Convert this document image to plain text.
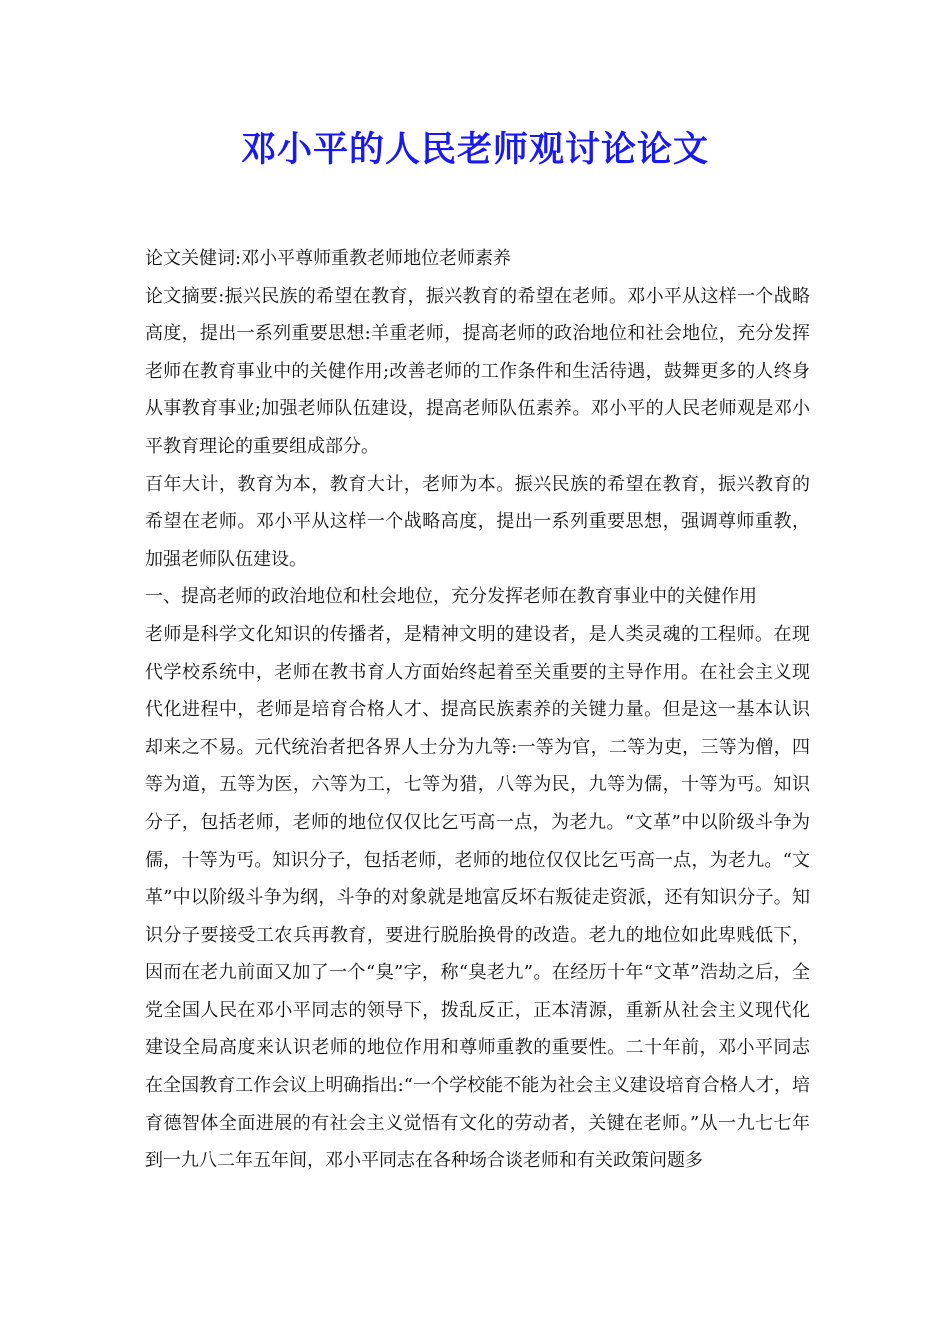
邓小平的人民老师观讨论论文

论文关健词:邓小平尊师重教老师地位老师素养

论文摘要:振兴民族的希望在教育，振兴教育的希望在老师。邓小平从这样一个战略高度，提出一系列重要思想:羊重老师，提高老师的政治地位和社会地位，充分发挥老师在教育事业中的关健作用;改善老师的工作条件和生活待遇，鼓舞更多的人终身从事教育事业;加强老师队伍建设，提高老师队伍素养。邓小平的人民老师观是邓小平教育理论的重要组成部分。

百年大计，教育为本，教育大计，老师为本。振兴民族的希望在教育，振兴教育的希望在老师。邓小平从这样一个战略高度，提出一系列重要思想，强调尊师重教，加强老师队伍建设。

一、提高老师的政治地位和杜会地位，充分发挥老师在教育事业中的关健作用

老师是科学文化知识的传播者，是精神文明的建设者，是人类灵魂的工程师。在现代学校系统中，老师在教书育人方面始终起着至关重要的主导作用。在社会主义现代化进程中，老师是培育合格人才、提高民族素养的关键力量。但是这一基本认识却来之不易。元代统治者把各界人士分为九等:一等为官，二等为吏，三等为僧，四等为道，五等为医，六等为工，七等为猎，八等为民，九等为儒，十等为丐。知识分子，包括老师，老师的地位仅仅比乞丐高一点，为老九。“文革”中以阶级斗争为儒，十等为丐。知识分子，包括老师，老师的地位仅仅比乞丐高一点，为老九。“文革”中以阶级斗争为纲，斗争的对象就是地富反坏右叛徒走资派，还有知识分子。知识分子要接受工农兵再教育，要进行脱胎换骨的改造。老九的地位如此卑贱低下，因而在老九前面又加了一个“臭”字，称“臭老九”。在经历十年“文革”浩劫之后，全党全国人民在邓小平同志的领导下，拨乱反正，正本清源，重新从社会主义现代化建设全局高度来认识老师的地位作用和尊师重教的重要性。二十年前，邓小平同志在全国教育工作会议上明确指出:“一个学校能不能为社会主义建设培育合格人才，培育德智体全面进展的有社会主义觉悟有文化的劳动者，关键在老师。”从一九七七年到一九八二年五年间，邓小平同志在各种场合谈老师和有关政策问题多
